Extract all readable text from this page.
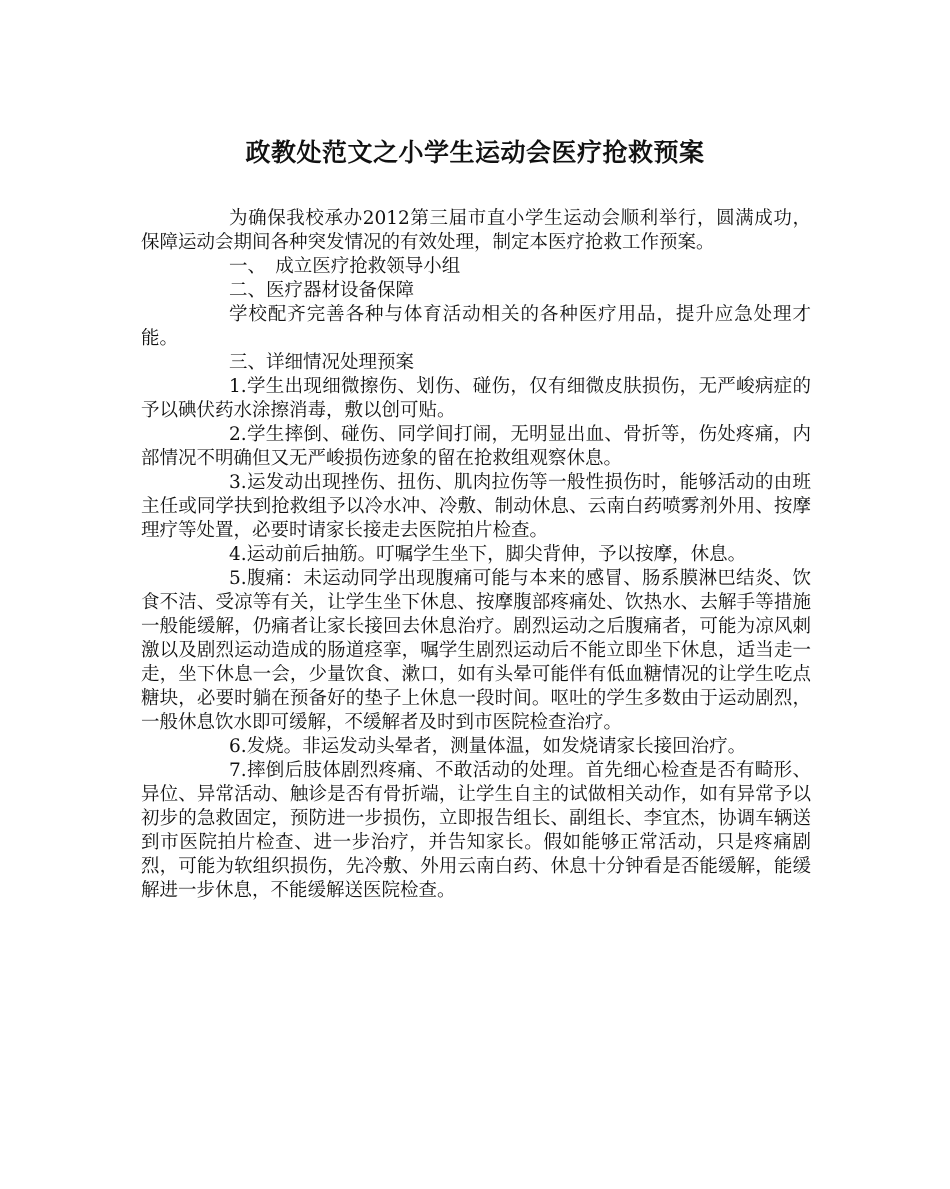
政教处范文之小学生运动会医疗抢救预案

为确保我校承办2012第三届市直小学生运动会顺利举行，圆满成功，保障运动会期间各种突发情况的有效处理，制定本医疗抢救工作预案。

一、　成立医疗抢救领导小组

二、医疗器材设备保障

学校配齐完善各种与体育活动相关的各种医疗用品，提升应急处理才能。

三、详细情况处理预案

1.学生出现细微擦伤、划伤、碰伤，仅有细微皮肤损伤，无严峻病症的予以碘伏药水涂擦消毒，敷以创可贴。

2.学生摔倒、碰伤、同学间打闹，无明显出血、骨折等，伤处疼痛，内部情况不明确但又无严峻损伤迹象的留在抢救组观察休息。

3.运发动出现挫伤、扭伤、肌肉拉伤等一般性损伤时，能够活动的由班主任或同学扶到抢救组予以冷水冲、冷敷、制动休息、云南白药喷雾剂外用、按摩理疗等处置，必要时请家长接走去医院拍片检查。

4.运动前后抽筋。叮嘱学生坐下，脚尖背伸，予以按摩，休息。

5.腹痛：未运动同学出现腹痛可能与本来的感冒、肠系膜淋巴结炎、饮食不洁、受凉等有关，让学生坐下休息、按摩腹部疼痛处、饮热水、去解手等措施一般能缓解，仍痛者让家长接回去休息治疗。剧烈运动之后腹痛者，可能为凉风刺激以及剧烈运动造成的肠道痉挛，嘱学生剧烈运动后不能立即坐下休息，适当走一走，坐下休息一会，少量饮食、漱口，如有头晕可能伴有低血糖情况的让学生吃点糖块，必要时躺在预备好的垫子上休息一段时间。呕吐的学生多数由于运动剧烈，一般休息饮水即可缓解，不缓解者及时到市医院检查治疗。

6.发烧。非运发动头晕者，测量体温，如发烧请家长接回治疗。

7.摔倒后肢体剧烈疼痛、不敢活动的处理。首先细心检查是否有畸形、异位、异常活动、触诊是否有骨折端，让学生自主的试做相关动作，如有异常予以初步的急救固定，预防进一步损伤，立即报告组长、副组长、李宜杰，协调车辆送到市医院拍片检查、进一步治疗，并告知家长。假如能够正常活动，只是疼痛剧烈，可能为软组织损伤，先冷敷、外用云南白药、休息十分钟看是否能缓解，能缓解进一步休息，不能缓解送医院检查。
